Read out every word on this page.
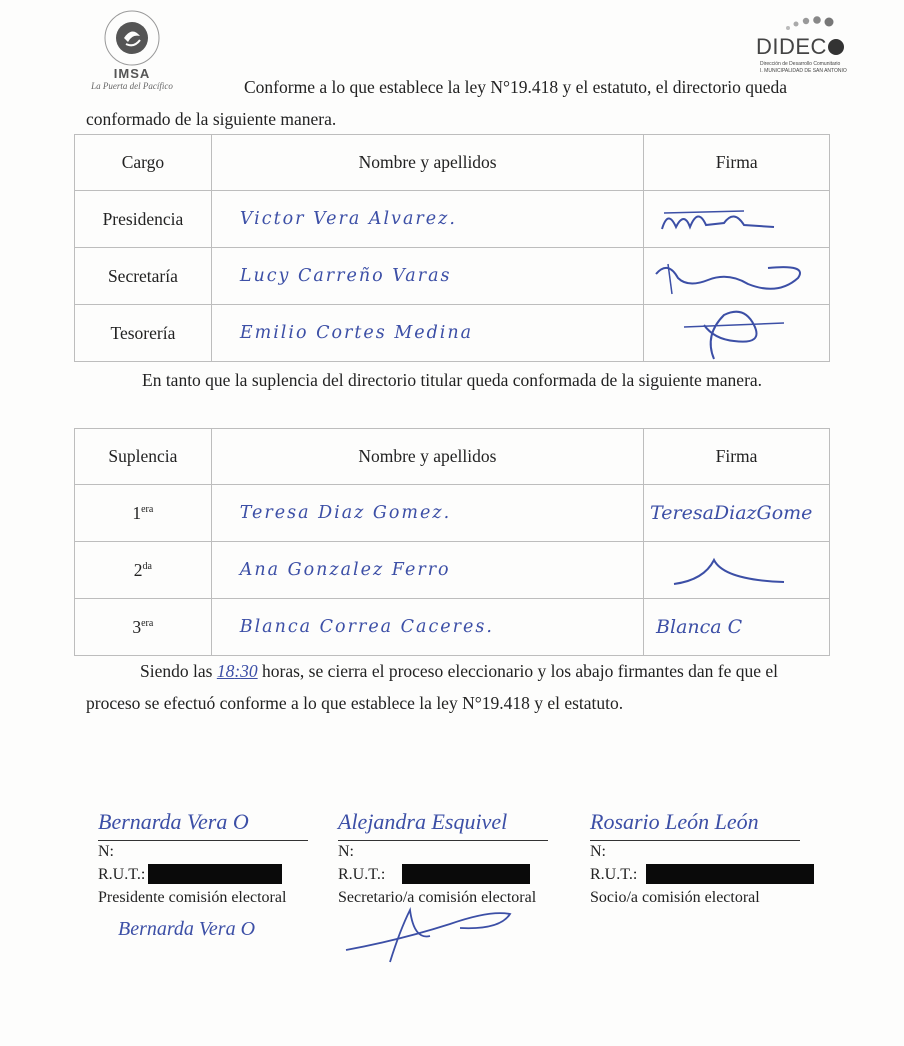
IMSA
La Puerta del Pacífico
DIDEC
Dirección de Desarrollo Comunitario
I. MUNICIPALIDAD DE SAN ANTONIO
Conforme a lo que establece la ley N°19.418 y el estatuto, el directorio queda conformado de la siguiente manera.
Cargo	Nombre y apellidos	Firma
Presidencia	Victor Vera Alvarez.	

Secretaría	Lucy Carreño Varas	

Tesorería	Emilio Cortes Medina	
En tanto que la suplencia del directorio titular queda conformada de la siguiente manera.
Suplencia	Nombre y apellidos	Firma
$1^{era}$	Teresa Diaz Gomez.	TeresaDiazGome
$2^{da}$	Ana Gonzalez Ferro	

$3^{era}$	Blanca Correa Caceres.	Blanca C
Siendo las 18:30 horas, se cierra el proceso eleccionario y los abajo firmantes dan fe que el proceso se efectuó conforme a lo que establece la ley N°19.418 y el estatuto.
Bernarda Vera O
N:
R.U.T.:
Presidente comisión electoral
Bernarda Vera O
Alejandra Esquivel
N:
R.U.T.:
Secretario/a comisión electoral
Rosario León León
N:
R.U.T.:
Socio/a comisión electoral
